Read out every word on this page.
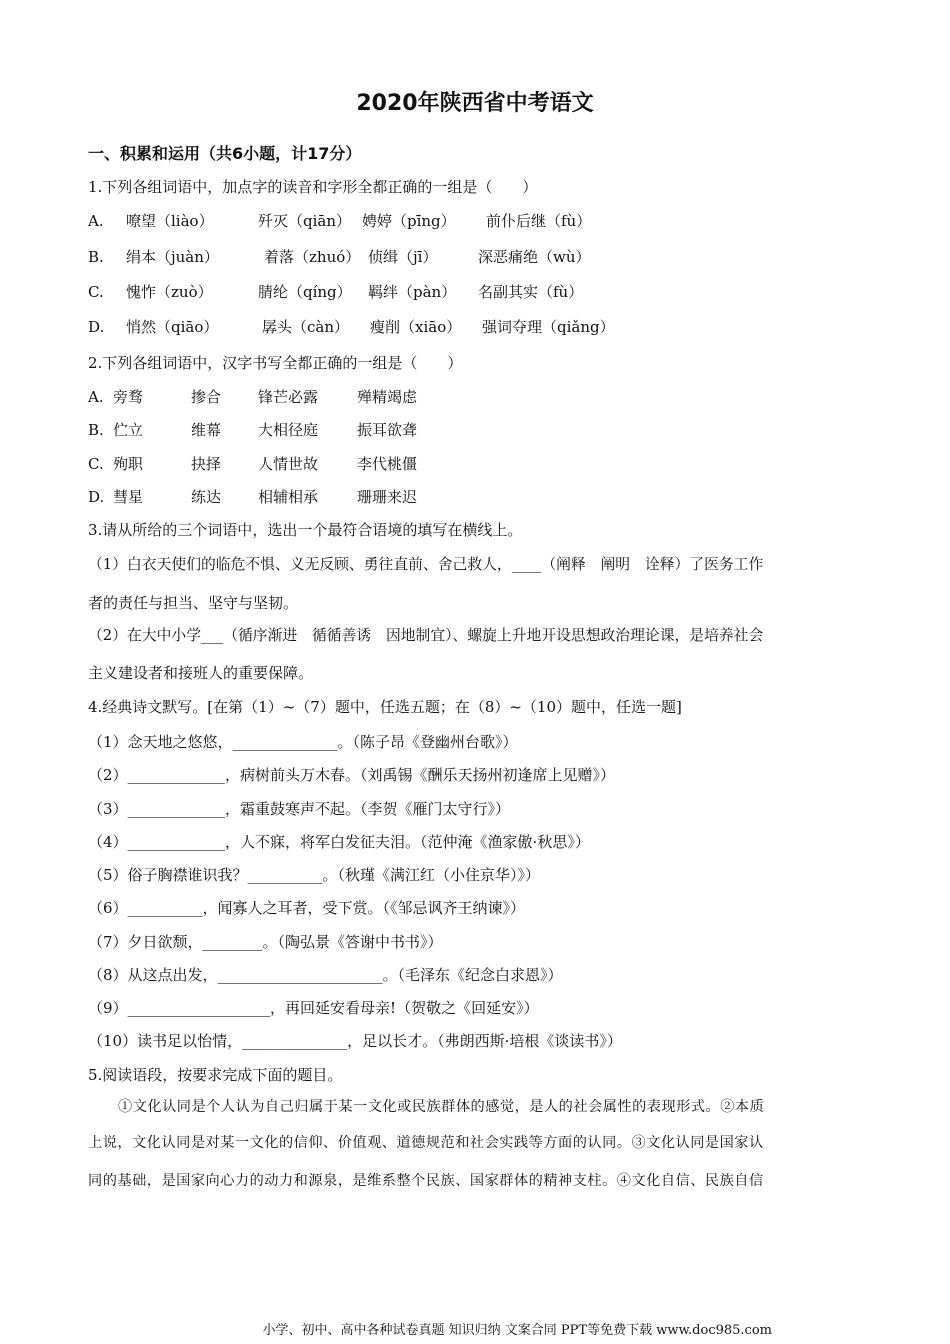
2020年陕西省中考语文
一、积累和运用（共6小题，计17分）
1.下列各组词语中，加点字的读音和字形全都正确的一组是（　　）
A. 嘹望（liào）	歼灭（qiān） 娉婷（pīng） 前仆后继（fù）
B. 绢本（juàn）	着落（zhuó） 侦缉（jī）	深恶痛绝（wù）
C. 愧怍（zuò）	腈纶（qíng） 羁绊（pàn） 名副其实（fù）
D. 悄然（qiāo）	孱头（càn） 瘦削（xiāo） 强词夺理（qiǎng）
2.下列各组词语中，汉字书写全都正确的一组是（　　）
A. 旁骛	掺合 锋芒必露	殚精竭虑
B. 伫立	维幕 大相径庭	振耳欲聋
C. 殉职	抉择 人情世故	李代桃僵
D. 彗星	练达 相辅相承	珊珊来迟
3.请从所给的三个词语中，选出一个最符合语境的填写在横线上。
（1）白衣天使们的临危不惧、义无反顾、勇往直前、舍己救人，____（阐释　阐明　诠释）了医务工作
者的责任与担当、坚守与坚韧。
（2）在大中小学___（循序渐进　循循善诱　因地制宜）、螺旋上升地开设思想政治理论课，是培养社会
主义建设者和接班人的重要保障。
4.经典诗文默写。[在第（1）~（7）题中，任选五题；在（8）~（10）题中，任选一题]
（1）念天地之悠悠，______________。（陈子昂《登幽州台歌》）
（2）_____________，病树前头万木春。（刘禹锡《酬乐天扬州初逢席上见赠》）
（3）_____________，霜重鼓寒声不起。（李贺《雁门太守行》）
（4）_____________，人不寐，将军白发征夫泪。（范仲淹《渔家傲·秋思》）
（5）俗子胸襟谁识我？__________。（秋瑾《满江红（小住京华）》）
（6）__________，闻寡人之耳者，受下赏。（《邹忌讽齐王纳谏》）
（7）夕日欲颓，________。（陶弘景《答谢中书书》）
（8）从这点出发，______________________。（毛泽东《纪念白求恩》）
（9）___________________，再回延安看母亲!（贺敬之《回延安》）
（10）读书足以怡情，______________，足以长才。（弗朗西斯·培根《谈读书》）
5.阅读语段，按要求完成下面的题目。
①文化认同是个人认为自己归属于某一文化或民族群体的感觉，是人的社会属性的表现形式。②本质
上说，文化认同是对某一文化的信仰、价值观、道德规范和社会实践等方面的认同。③文化认同是国家认
同的基础，是国家向心力的动力和源泉，是维系整个民族、国家群体的精神支柱。④文化自信、民族自信
小学、初中、高中各种试卷真题 知识归纳 文案合同 PPT等免费下载 www.doc985.com
